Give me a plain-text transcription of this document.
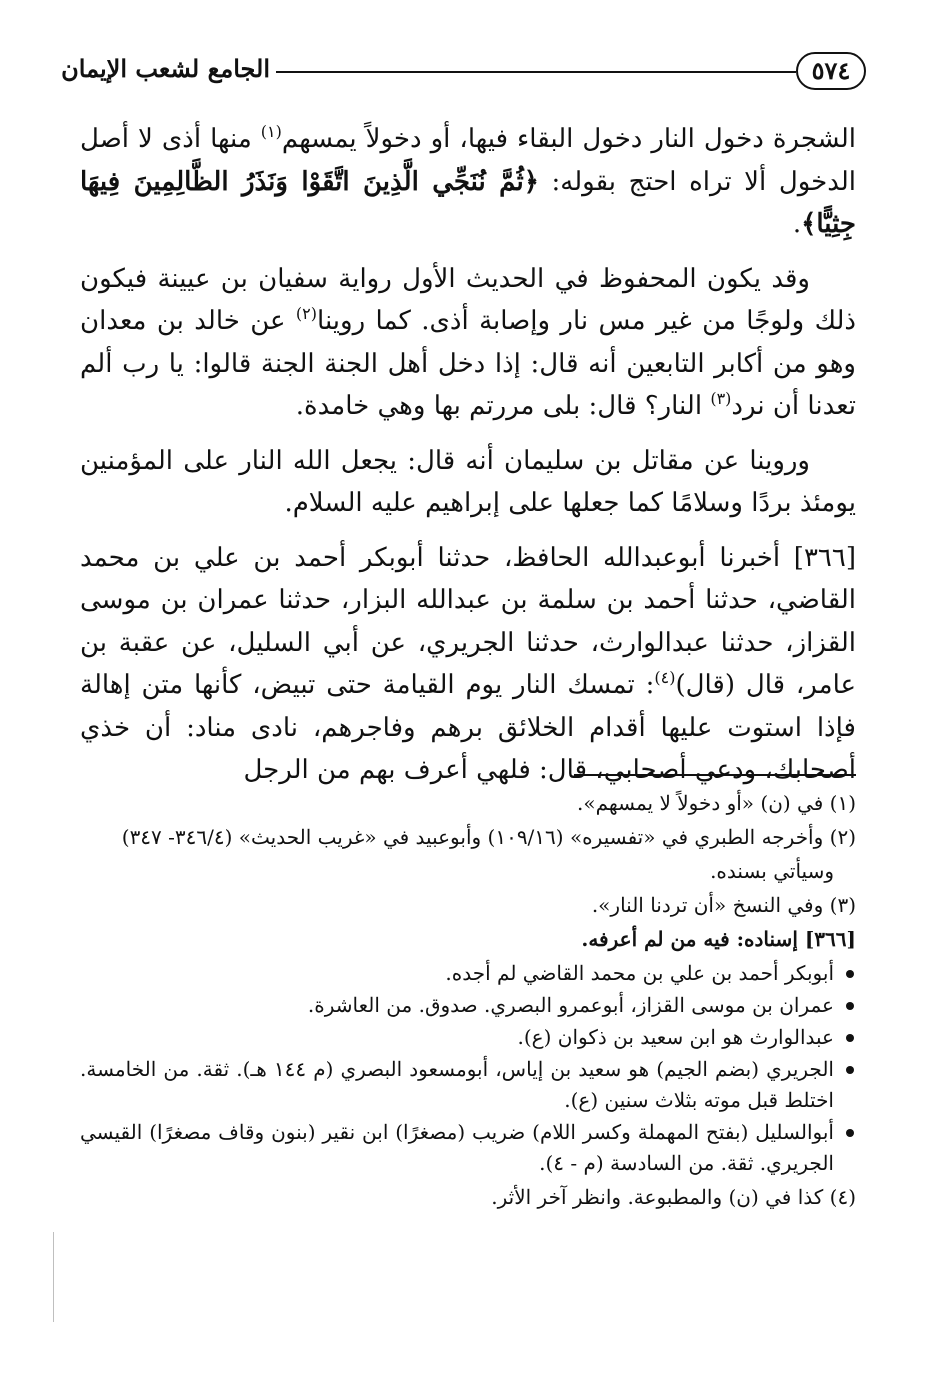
٥٧٤
الجامع لشعب الإيمان

الشجرة دخول النار دخول البقاء فيها، أو دخولاً يمسهم$^{(١)}$ منها أذى لا أصل الدخول ألا تراه احتج بقوله: ﴿ثُمَّ نُنَجِّي الَّذِينَ اتَّقَوْا وَنَذَرُ الظَّالِمِينَ فِيهَا جِثِيًّا﴾.

وقد يكون المحفوظ في الحديث الأول رواية سفيان بن عيينة فيكون ذلك ولوجًا من غير مس نار وإصابة أذى. كما روينا$^{(٢)}$ عن خالد بن معدان وهو من أكابر التابعين أنه قال: إذا دخل أهل الجنة الجنة قالوا: يا رب ألم تعدنا أن نرد$^{(٣)}$ النار؟ قال: بلى مررتم بها وهي خامدة.

وروينا عن مقاتل بن سليمان أنه قال: يجعل الله النار على المؤمنين يومئذ بردًا وسلامًا كما جعلها على إبراهيم عليه السلام.

[٣٦٦] أخبرنا أبوعبدالله الحافظ، حدثنا أبوبكر أحمد بن علي بن محمد القاضي، حدثنا أحمد بن سلمة بن عبدالله البزار، حدثنا عمران بن موسى القزاز، حدثنا عبدالوارث، حدثنا الجريري، عن أبي السليل، عن عقبة بن عامر، قال (قال)$^{(٤)}$: تمسك النار يوم القيامة حتى تبيض، كأنها متن إهالة فإذا استوت عليها أقدام الخلائق برهم وفاجرهم، نادى مناد: أن خذي أصحابك، ودعي أصحابي، قال: فلهي أعرف بهم من الرجل

(١) في (ن) «أو دخولاً لا يمسهم».

(٢) وأخرجه الطبري في «تفسيره» (١٠٩/١٦) وأبوعبيد في «غريب الحديث» (٣٤٦/٤- ٣٤٧)

وسيأتي بسنده.

(٣) وفي النسخ «أن تردنا النار».

[٣٦٦] إسناده: فيه من لم أعرفه.

أبوبكر أحمد بن علي بن محمد القاضي لم أجده.
عمران بن موسى القزاز، أبوعمرو البصري. صدوق. من العاشرة.
عبدالوارث هو ابن سعيد بن ذكوان (ع).
الجريري (بضم الجيم) هو سعيد بن إياس، أبومسعود البصري (م ١٤٤ هـ). ثقة. من الخامسة. اختلط قبل موته بثلاث سنين (ع).
أبوالسليل (بفتح المهملة وكسر اللام) ضريب (مصغرًا) ابن نقير (بنون وقاف مصغرًا) القيسي الجريري. ثقة. من السادسة (م - ٤).

(٤) كذا في (ن) والمطبوعة. وانظر آخر الأثر.
